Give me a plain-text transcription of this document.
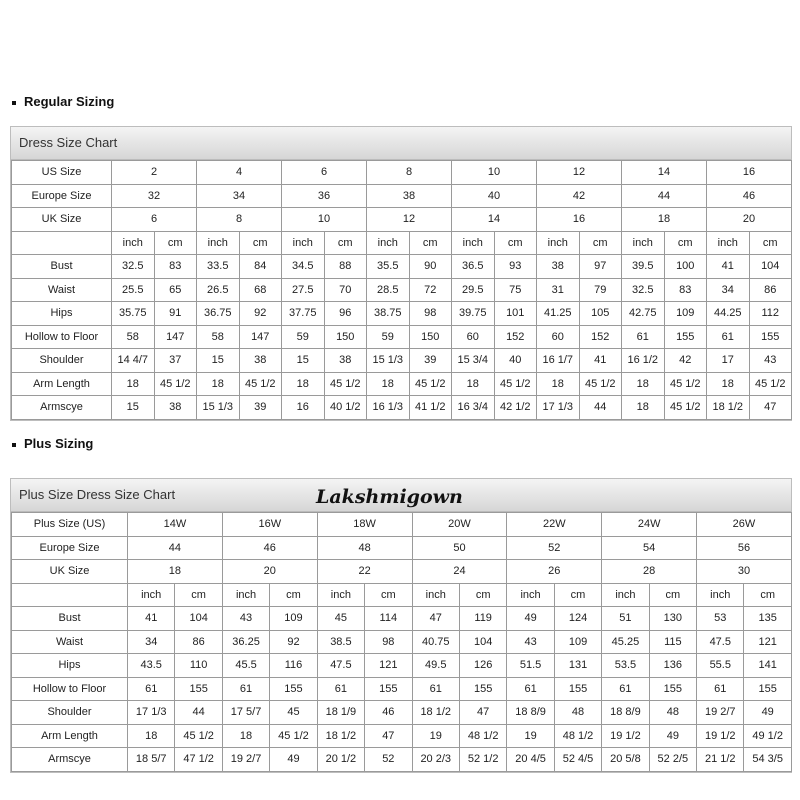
Regular Sizing
Dress Size Chart
US Size	2		4		6		8		10		12		14		16	
Europe Size	32		34		36		38		40		42		44		46	
UK Size	6		8		10		12		14		16		18		20	
	inch	cm	inch	cm	inch	cm	inch	cm	inch	cm	inch	cm	inch	cm	inch	cm
Bust	32.5	83	33.5	84	34.5	88	35.5	90	36.5	93	38	97	39.5	100	41	104
Waist	25.5	65	26.5	68	27.5	70	28.5	72	29.5	75	31	79	32.5	83	34	86
Hips	35.75	91	36.75	92	37.75	96	38.75	98	39.75	101	41.25	105	42.75	109	44.25	112
Hollow to Floor	58	147	58	147	59	150	59	150	60	152	60	152	61	155	61	155
Shoulder	14 4/7	37	15	38	15	38	15 1/3	39	15 3/4	40	16 1/7	41	16 1/2	42	17	43
Arm Length	18	45 1/2	18	45 1/2	18	45 1/2	18	45 1/2	18	45 1/2	18	45 1/2	18	45 1/2	18	45 1/2
Armscye	15	38	15 1/3	39	16	40 1/2	16 1/3	41 1/2	16 3/4	42 1/2	17 1/3	44	18	45 1/2	18 1/2	47
Plus Sizing
Plus Size Dress Size Chart	Lakshmigown
Plus Size (US)	14W		16W		18W		20W		22W		24W		26W	
Europe Size	44		46		48		50		52		54		56	
UK Size	18		20		22		24		26		28		30	
	inch	cm	inch	cm	inch	cm	inch	cm	inch	cm	inch	cm	inch	cm
Bust	41	104	43	109	45	114	47	119	49	124	51	130	53	135
Waist	34	86	36.25	92	38.5	98	40.75	104	43	109	45.25	115	47.5	121
Hips	43.5	110	45.5	116	47.5	121	49.5	126	51.5	131	53.5	136	55.5	141
Hollow to Floor	61	155	61	155	61	155	61	155	61	155	61	155	61	155
Shoulder	17 1/3	44	17 5/7	45	18 1/9	46	18 1/2	47	18 8/9	48	18 8/9	48	19 2/7	49
Arm Length	18	45 1/2	18	45 1/2	18 1/2	47	19	48 1/2	19	48 1/2	19 1/2	49	19 1/2	49 1/2
Armscye	18 5/7	47 1/2	19 2/7	49	20 1/2	52	20 2/3	52 1/2	20 4/5	52 4/5	20 5/8	52 2/5	21 1/2	54 3/5
